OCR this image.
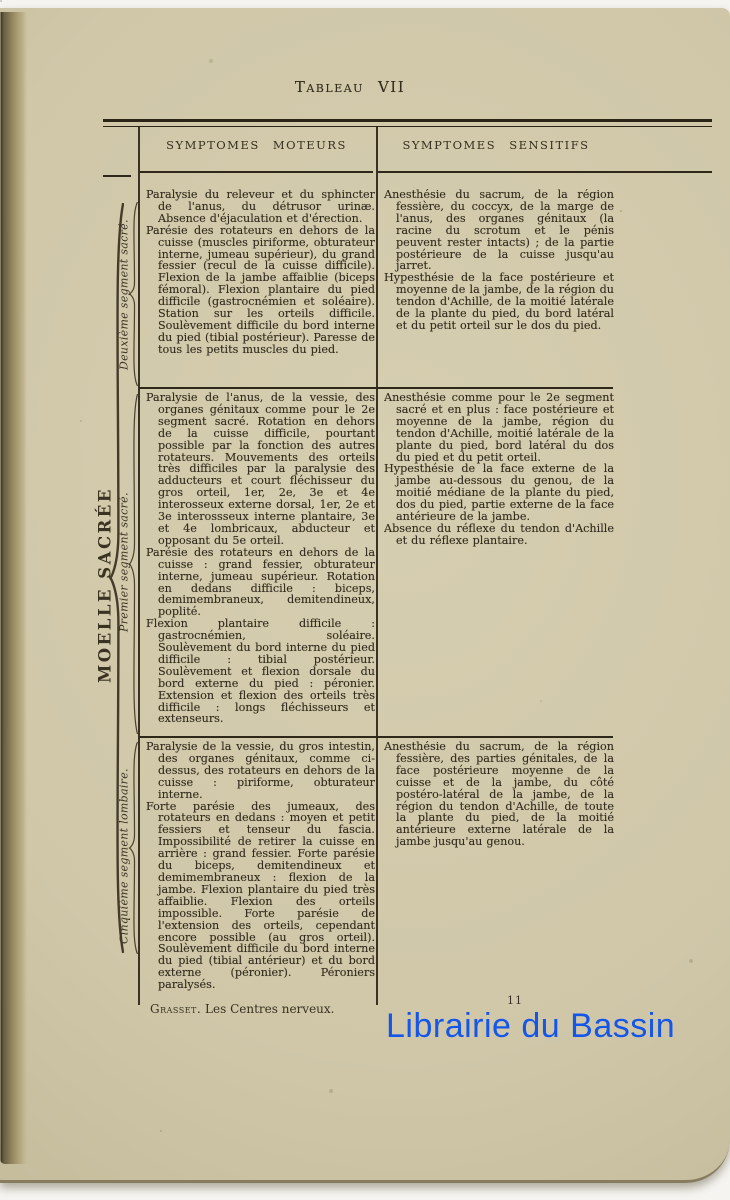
Tableau VII
SYMPTOMES MOTEURS	SYMPTOMES SENSITIFS
MOELLE SACRÉE
Deuxième segment sacré.
Premier segment sacré.
Cinquième segment lombaire.

Paralysie du releveur et du sphincter de l'anus, du détrusor urinæ. Absence d'éjaculation et d'érection.

Parésie des rotateurs en dehors de la cuisse (muscles piriforme, obturateur interne, jumeau supérieur), du grand fessier (recul de la cuisse difficile). Flexion de la jambe affaiblie (biceps fémoral). Flexion plantaire du pied difficile (gastrocnémien et soléaire). Station sur les orteils difficile. Soulèvement difficile du bord interne du pied (tibial postérieur). Paresse de tous les petits muscles du pied.

Anesthésie du sacrum, de la région fessière, du coccyx, de la marge de l'anus, des organes génitaux (la racine du scrotum et le pénis peuvent rester intacts) ; de la partie postérieure de la cuisse jusqu'au jarret.

Hypesthésie de la face postérieure et moyenne de la jambe, de la région du tendon d'Achille, de la moitié latérale de la plante du pied, du bord latéral et du petit orteil sur le dos du pied.

Paralysie de l'anus, de la vessie, des organes génitaux comme pour le 2e segment sacré. Rotation en dehors de la cuisse difficile, pourtant possible par la fonction des autres rotateurs. Mouvements des orteils très difficiles par la paralysie des adducteurs et court fléchisseur du gros orteil, 1er, 2e, 3e et 4e interosseux externe dorsal, 1er, 2e et 3e interossseux interne plantaire, 3e et 4e lombricaux, abducteur et opposant du 5e orteil.

Parésie des rotateurs en dehors de la cuisse : grand fessier, obturateur interne, jumeau supérieur. Rotation en dedans difficile : biceps, demimembraneux, demitendineux, poplité.

Flexion plantaire difficile : gastrocnémien, soléaire. Soulèvement du bord interne du pied difficile : tibial postérieur. Soulèvement et flexion dorsale du bord externe du pied : péronier. Extension et flexion des orteils très difficile : longs fléchisseurs et extenseurs.

Anesthésie comme pour le 2e segment sacré et en plus : face postérieure et moyenne de la jambe, région du tendon d'Achille, moitié latérale de la plante du pied, bord latéral du dos du pied et du petit orteil.

Hypesthésie de la face externe de la jambe au-dessous du genou, de la moitié médiane de la plante du pied, dos du pied, partie externe de la face antérieure de la jambe.

Absence du réflexe du tendon d'Achille et du réflexe plantaire.

Paralysie de la vessie, du gros intestin, des organes génitaux, comme ci-dessus, des rotateurs en dehors de la cuisse : piriforme, obturateur interne.

Forte parésie des jumeaux, des rotateurs en dedans : moyen et petit fessiers et tenseur du fascia. Impossibilité de retirer la cuisse en arrière : grand fessier. Forte parésie du biceps, demitendineux et demimembraneux : flexion de la jambe. Flexion plantaire du pied très affaiblie. Flexion des orteils impossible. Forte parésie de l'extension des orteils, cependant encore possible (au gros orteil). Soulèvement difficile du bord interne du pied (tibial antérieur) et du bord externe (péronier). Péroniers paralysés.

Anesthésie du sacrum, de la région fessière, des parties génitales, de la face postérieure moyenne de la cuisse et de la jambe, du côté postéro-latéral de la jambe, de la région du tendon d'Achille, de toute la plante du pied, de la moitié antérieure externe latérale de la jambe jusqu'au genou.

Grasset. Les Centres nerveux.
11
Librairie du Bassin
